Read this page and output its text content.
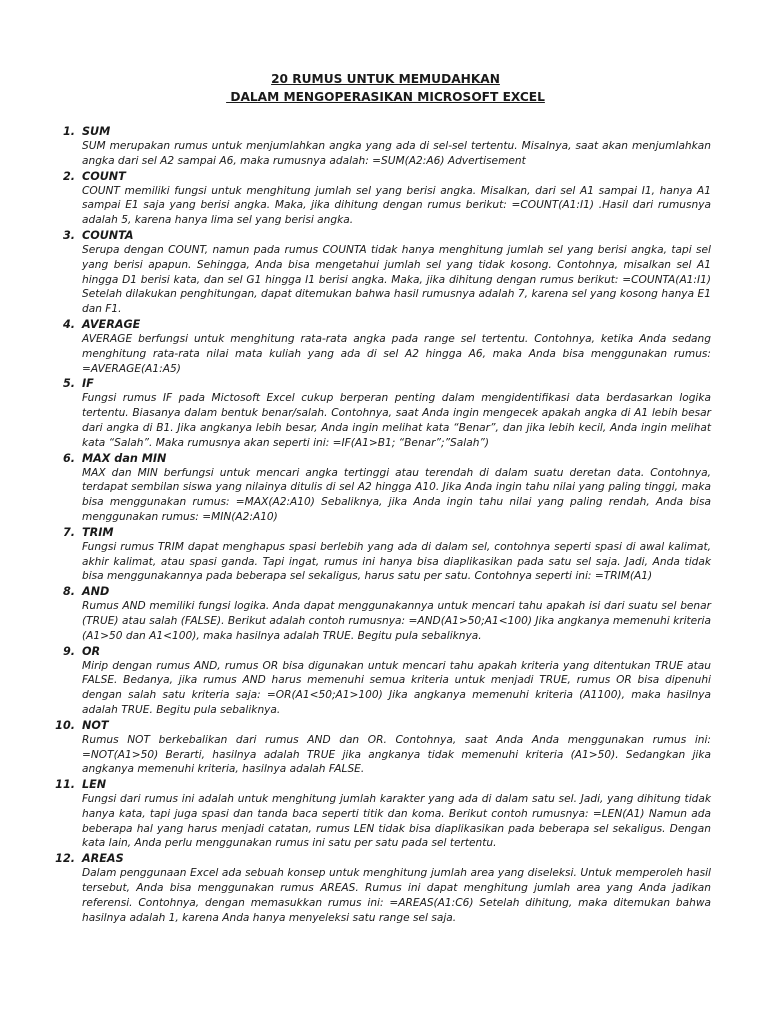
20 RUMUS UNTUK MEMUDAHKAN
DALAM MENGOPERASIKAN MICROSOFT EXCEL
1. SUM

SUM merupakan rumus untuk menjumlahkan angka yang ada di sel-sel tertentu. Misalnya, saat akan menjumlahkan angka dari sel A2 sampai A6, maka rumusnya adalah: =SUM(A2:A6) Advertisement

2. COUNT

COUNT memiliki fungsi untuk menghitung jumlah sel yang berisi angka. Misalkan, dari sel A1 sampai I1, hanya A1 sampai E1 saja yang berisi angka. Maka, jika dihitung dengan rumus berikut: =COUNT(A1:I1) .Hasil dari rumusnya adalah 5, karena hanya lima sel yang berisi angka.

3. COUNTA

Serupa dengan COUNT, namun pada rumus COUNTA tidak hanya menghitung jumlah sel yang berisi angka, tapi sel yang berisi apapun. Sehingga, Anda bisa mengetahui jumlah sel yang tidak kosong. Contohnya, misalkan sel A1 hingga D1 berisi kata, dan sel G1 hingga I1 berisi angka. Maka, jika dihitung dengan rumus berikut: =COUNTA(A1:I1) Setelah dilakukan penghitungan, dapat ditemukan bahwa hasil rumusnya adalah 7, karena sel yang kosong hanya E1 dan F1.

4. AVERAGE

AVERAGE berfungsi untuk menghitung rata-rata angka pada range sel tertentu. Contohnya, ketika Anda sedang menghitung rata-rata nilai mata kuliah yang ada di sel A2 hingga A6, maka Anda bisa menggunakan rumus: =AVERAGE(A1:A5)

5. IF

Fungsi rumus IF pada Mictosoft Excel cukup berperan penting dalam mengidentifikasi data berdasarkan logika tertentu. Biasanya dalam bentuk benar/salah. Contohnya, saat Anda ingin mengecek apakah angka di A1 lebih besar dari angka di B1. Jika angkanya lebih besar, Anda ingin melihat kata “Benar”, dan jika lebih kecil, Anda ingin melihat kata “Salah”. Maka rumusnya akan seperti ini: =IF(A1>B1; “Benar”;”Salah”)

6. MAX dan MIN

MAX dan MIN berfungsi untuk mencari angka tertinggi atau terendah di dalam suatu deretan data. Contohnya, terdapat sembilan siswa yang nilainya ditulis di sel A2 hingga A10. Jika Anda ingin tahu nilai yang paling tinggi, maka bisa menggunakan rumus: =MAX(A2:A10) Sebaliknya, jika Anda ingin tahu nilai yang paling rendah, Anda bisa menggunakan rumus: =MIN(A2:A10)

7. TRIM

Fungsi rumus TRIM dapat menghapus spasi berlebih yang ada di dalam sel, contohnya seperti spasi di awal kalimat, akhir kalimat, atau spasi ganda. Tapi ingat, rumus ini hanya bisa diaplikasikan pada satu sel saja. Jadi, Anda tidak bisa menggunakannya pada beberapa sel sekaligus, harus satu per satu. Contohnya seperti ini: =TRIM(A1)

8. AND

Rumus AND memiliki fungsi logika. Anda dapat menggunakannya untuk mencari tahu apakah isi dari suatu sel benar (TRUE) atau salah (FALSE). Berikut adalah contoh rumusnya: =AND(A1>50;A1<100) Jika angkanya memenuhi kriteria (A1>50 dan A1<100), maka hasilnya adalah TRUE. Begitu pula sebaliknya.

9. OR

Mirip dengan rumus AND, rumus OR bisa digunakan untuk mencari tahu apakah kriteria yang ditentukan TRUE atau FALSE. Bedanya, jika rumus AND harus memenuhi semua kriteria untuk menjadi TRUE, rumus OR bisa dipenuhi dengan salah satu kriteria saja: =OR(A1<50;A1>100) Jika angkanya memenuhi kriteria (A1100), maka hasilnya adalah TRUE. Begitu pula sebaliknya.

10. NOT

Rumus NOT berkebalikan dari rumus AND dan OR. Contohnya, saat Anda Anda menggunakan rumus ini: =NOT(A1>50) Berarti, hasilnya adalah TRUE jika angkanya tidak memenuhi kriteria (A1>50). Sedangkan jika angkanya memenuhi kriteria, hasilnya adalah FALSE.

11. LEN

Fungsi dari rumus ini adalah untuk menghitung jumlah karakter yang ada di dalam satu sel. Jadi, yang dihitung tidak hanya kata, tapi juga spasi dan tanda baca seperti titik dan koma. Berikut contoh rumusnya: =LEN(A1) Namun ada beberapa hal yang harus menjadi catatan, rumus LEN tidak bisa diaplikasikan pada beberapa sel sekaligus. Dengan kata lain, Anda perlu menggunakan rumus ini satu per satu pada sel tertentu.

12. AREAS

Dalam penggunaan Excel ada sebuah konsep untuk menghitung jumlah area yang diseleksi. Untuk memperoleh hasil tersebut, Anda bisa menggunakan rumus AREAS. Rumus ini dapat menghitung jumlah area yang Anda jadikan referensi. Contohnya, dengan memasukkan rumus ini: =AREAS(A1:C6) Setelah dihitung, maka ditemukan bahwa hasilnya adalah 1, karena Anda hanya menyeleksi satu range sel saja.
